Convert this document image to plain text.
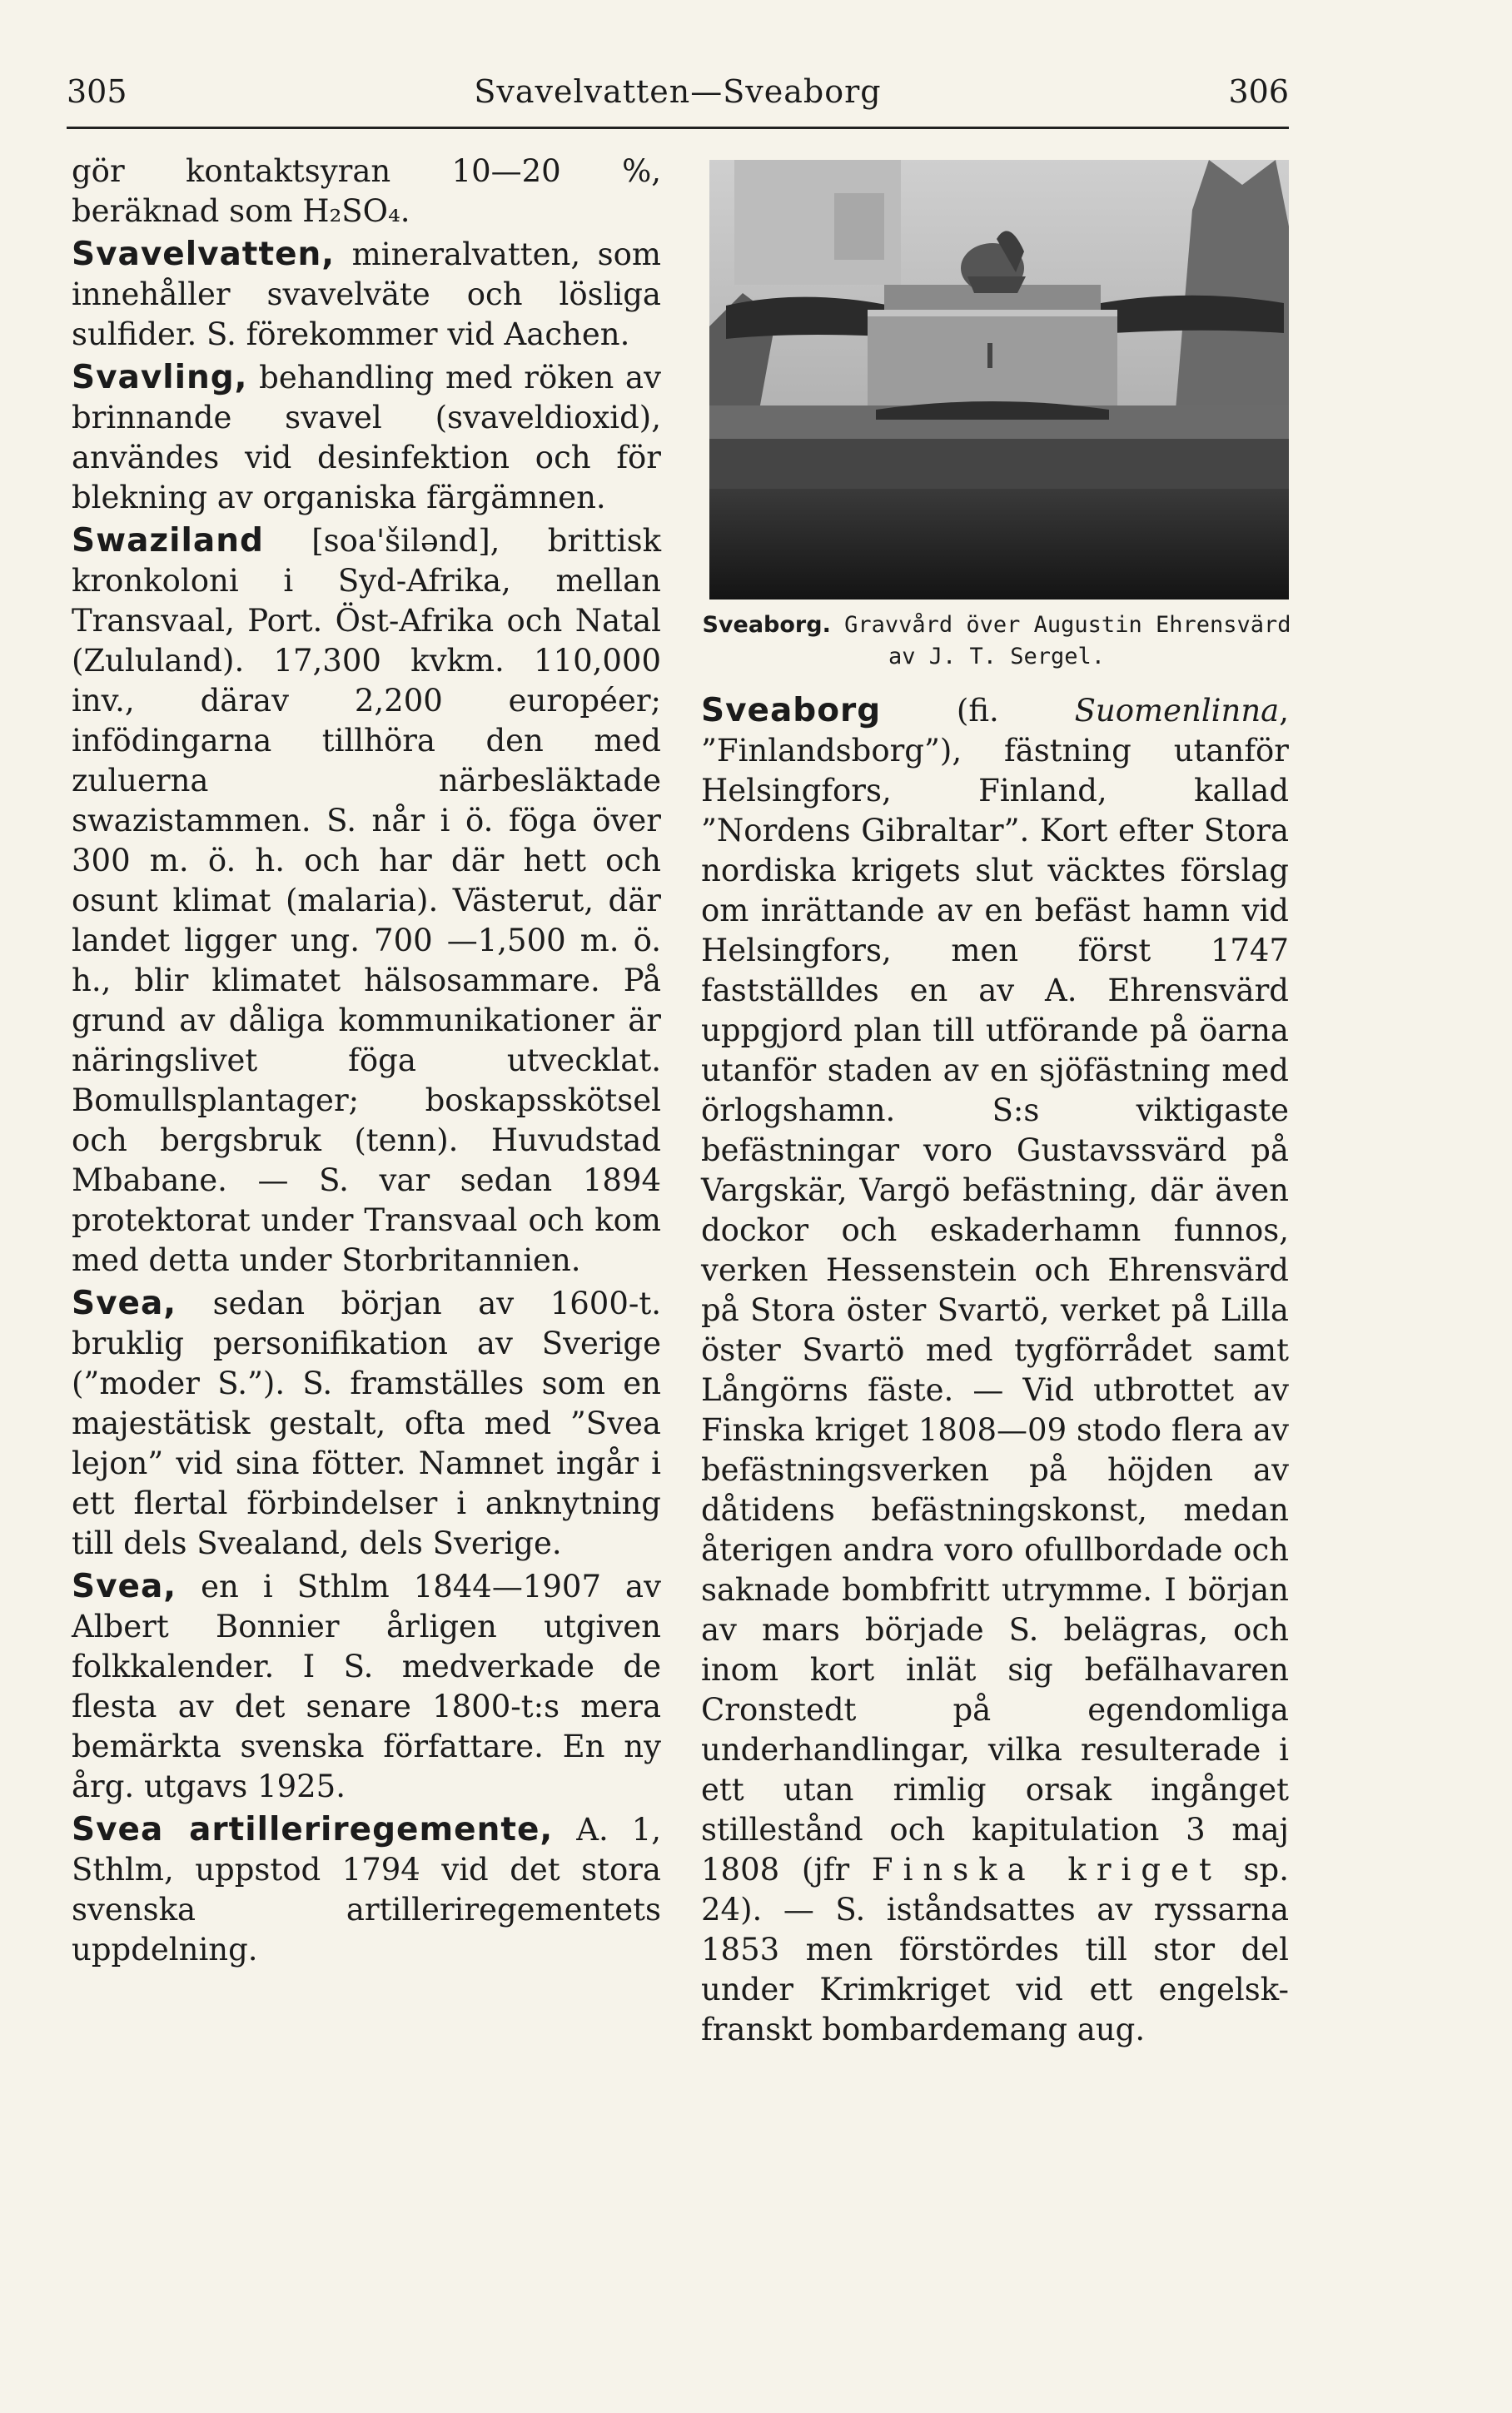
305	Svavelvatten—Sveaborg	306

gör kontaktsyran 10—20 %, beräknad som H₂SO₄.

Svavelvatten, mineralvatten, som innehåller svavelväte och lösliga sulfider. S. förekommer vid Aachen.

Svavling, behandling med röken av brinnande svavel (svaveldioxid), användes vid desinfektion och för blekning av organiska färgämnen.

Swaziland [soa'šilənd], brittisk kronkoloni i Syd-Afrika, mellan Transvaal, Port. Öst-Afrika och Natal (Zululand). 17,300 kvkm. 110,000 inv., därav 2,200 européer; infödingarna tillhöra den med zuluerna närbesläktade swazistammen. S. når i ö. föga över 300 m. ö. h. och har där hett och osunt klimat (malaria). Västerut, där landet ligger ung. 700 —1,500 m. ö. h., blir klimatet hälsosammare. På grund av dåliga kommunikationer är näringslivet föga utvecklat. Bomullsplantager; boskapsskötsel och bergsbruk (tenn). Huvudstad Mbabane. — S. var sedan 1894 protektorat under Transvaal och kom med detta under Storbritannien.

Svea, sedan början av 1600-t. bruklig personifikation av Sverige (”moder S.”). S. framställes som en majestätisk gestalt, ofta med ”Svea lejon” vid sina fötter. Namnet ingår i ett flertal förbindelser i anknytning till dels Svealand, dels Sverige.

Svea, en i Sthlm 1844—1907 av Albert Bonnier årligen utgiven folkkalender. I S. medverkade de flesta av det senare 1800-t:s mera bemärkta svenska författare. En ny årg. utgavs 1925.

Svea artilleriregemente, A. 1, Sthlm, uppstod 1794 vid det stora svenska artilleriregementets uppdelning.

Sveaborg. Gravvård över Augustin Ehrensvärd av J. T. Sergel.

Sveaborg (fi. Suomenlinna, ”Finlandsborg”), fästning utanför Helsingfors, Finland, kallad ”Nordens Gibraltar”. Kort efter Stora nordiska krigets slut väcktes förslag om inrättande av en befäst hamn vid Helsingfors, men först 1747 fastställdes en av A. Ehrensvärd uppgjord plan till utförande på öarna utanför staden av en sjöfästning med örlogshamn. S:s viktigaste befästningar voro Gustavssvärd på Vargskär, Vargö befästning, där även dockor och eskaderhamn funnos, verken Hessenstein och Ehrensvärd på Stora öster Svartö, verket på Lilla öster Svartö med tygförrådet samt Långörns fäste. — Vid utbrottet av Finska kriget 1808—09 stodo flera av befästningsverken på höjden av dåtidens befästningskonst, medan återigen andra voro ofullbordade och saknade bombfritt utrymme. I början av mars började S. belägras, och inom kort inlät sig befälhavaren Cronstedt på egendomliga underhandlingar, vilka resulterade i ett utan rimlig orsak ingånget stillestånd och kapitulation 3 maj 1808 (jfr Finska kriget sp. 24). — S. iståndsattes av ryssarna 1853 men förstördes till stor del under Krimkriget vid ett engelsk-franskt bombardemang aug.
